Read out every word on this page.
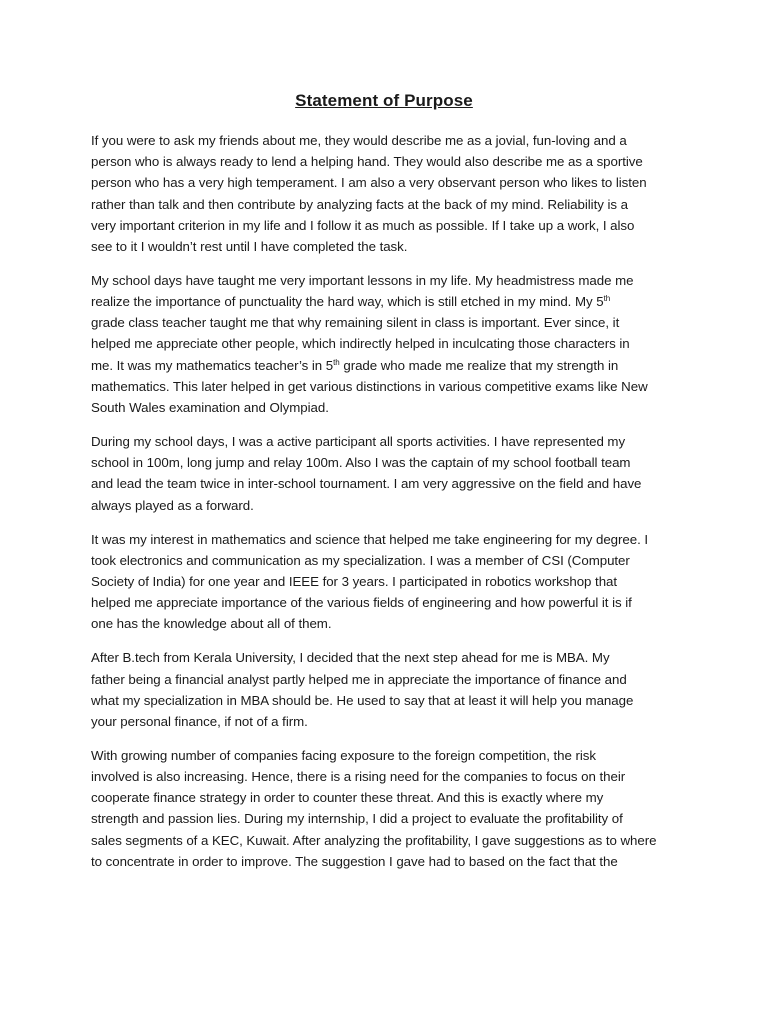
Statement of Purpose
If you were to ask my friends about me, they would describe me as a jovial, fun-loving and a
person who is always ready to lend a helping hand. They would also describe me as a sportive
person who has a very high temperament. I am also a very observant person who likes to listen
rather than talk and then contribute by analyzing facts at the back of my mind. Reliability is a
very important criterion in my life and I follow it as much as possible. If I take up a work, I also
see to it I wouldn’t rest until I have completed the task.
My school days have taught me very important lessons in my life. My headmistress made me
realize the importance of punctuality the hard way, which is still etched in my mind. My 5th
grade class teacher taught me that why remaining silent in class is important. Ever since, it
helped me appreciate other people, which indirectly helped in inculcating those characters in
me. It was my mathematics teacher’s in 5th grade who made me realize that my strength in
mathematics. This later helped in get various distinctions in various competitive exams like New
South Wales examination and Olympiad.
During my school days, I was a active participant all sports activities. I have represented my
school in 100m, long jump and relay 100m. Also I was the captain of my school football team
and lead the team twice in inter-school tournament. I am very aggressive on the field and have
always played as a forward.
It was my interest in mathematics and science that helped me take engineering for my degree. I
took electronics and communication as my specialization. I was a member of CSI (Computer
Society of India) for one year and IEEE for 3 years. I participated in robotics workshop that
helped me appreciate importance of the various fields of engineering and how powerful it is if
one has the knowledge about all of them.
After B.tech from Kerala University, I decided that the next step ahead for me is MBA. My
father being a financial analyst partly helped me in appreciate the importance of finance and
what my specialization in MBA should be. He used to say that at least it will help you manage
your personal finance, if not of a firm.
With growing number of companies facing exposure to the foreign competition, the risk
involved is also increasing. Hence, there is a rising need for the companies to focus on their
cooperate finance strategy in order to counter these threat. And this is exactly where my
strength and passion lies. During my internship, I did a project to evaluate the profitability of
sales segments of a KEC, Kuwait. After analyzing the profitability, I gave suggestions as to where
to concentrate in order to improve. The suggestion I gave had to based on the fact that the
